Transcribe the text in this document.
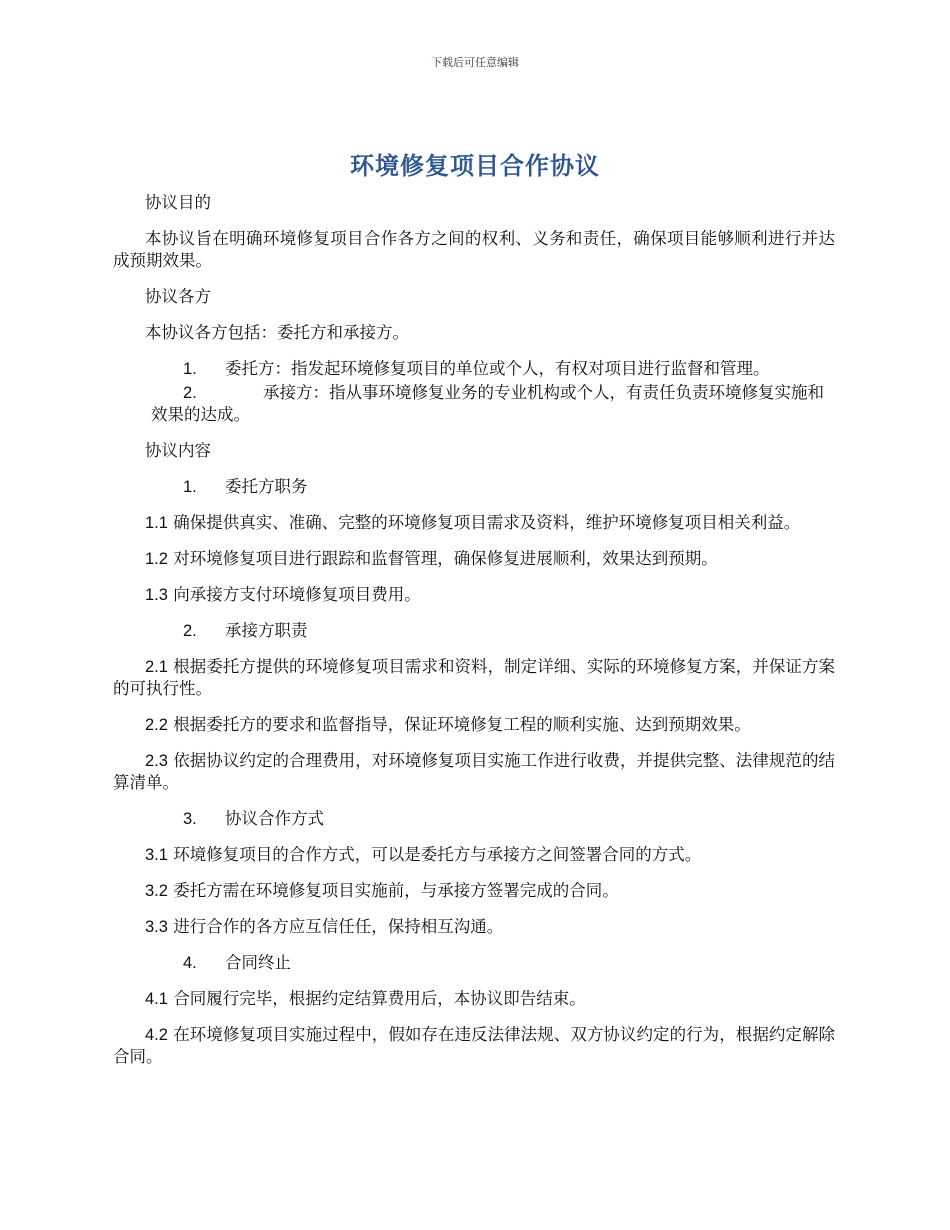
下载后可任意编辑
环境修复项目合作协议

协议目的

本协议旨在明确环境修复项目合作各方之间的权利、义务和责任，确保项目能够顺利进行并达成预期效果。

协议各方

本协议各方包括：委托方和承接方。

1. 委托方：指发起环境修复项目的单位或个人，有权对项目进行监督和管理。
2.	承接方：指从事环境修复业务的专业机构或个人，有责任负责环境修复实施和效果的达成。

协议内容

1. 委托方职务

1.1 确保提供真实、准确、完整的环境修复项目需求及资料，维护环境修复项目相关利益。

1.2 对环境修复项目进行跟踪和监督管理，确保修复进展顺利，效果达到预期。

1.3 向承接方支付环境修复项目费用。

2. 承接方职责

2.1 根据委托方提供的环境修复项目需求和资料，制定详细、实际的环境修复方案，并保证方案的可执行性。

2.2 根据委托方的要求和监督指导，保证环境修复工程的顺利实施、达到预期效果。

2.3 依据协议约定的合理费用，对环境修复项目实施工作进行收费，并提供完整、法律规范的结算清单。

3. 协议合作方式

3.1 环境修复项目的合作方式，可以是委托方与承接方之间签署合同的方式。

3.2 委托方需在环境修复项目实施前，与承接方签署完成的合同。

3.3 进行合作的各方应互信任任，保持相互沟通。

4. 合同终止

4.1 合同履行完毕，根据约定结算费用后，本协议即告结束。

4.2 在环境修复项目实施过程中，假如存在违反法律法规、双方协议约定的行为，根据约定解除合同。
